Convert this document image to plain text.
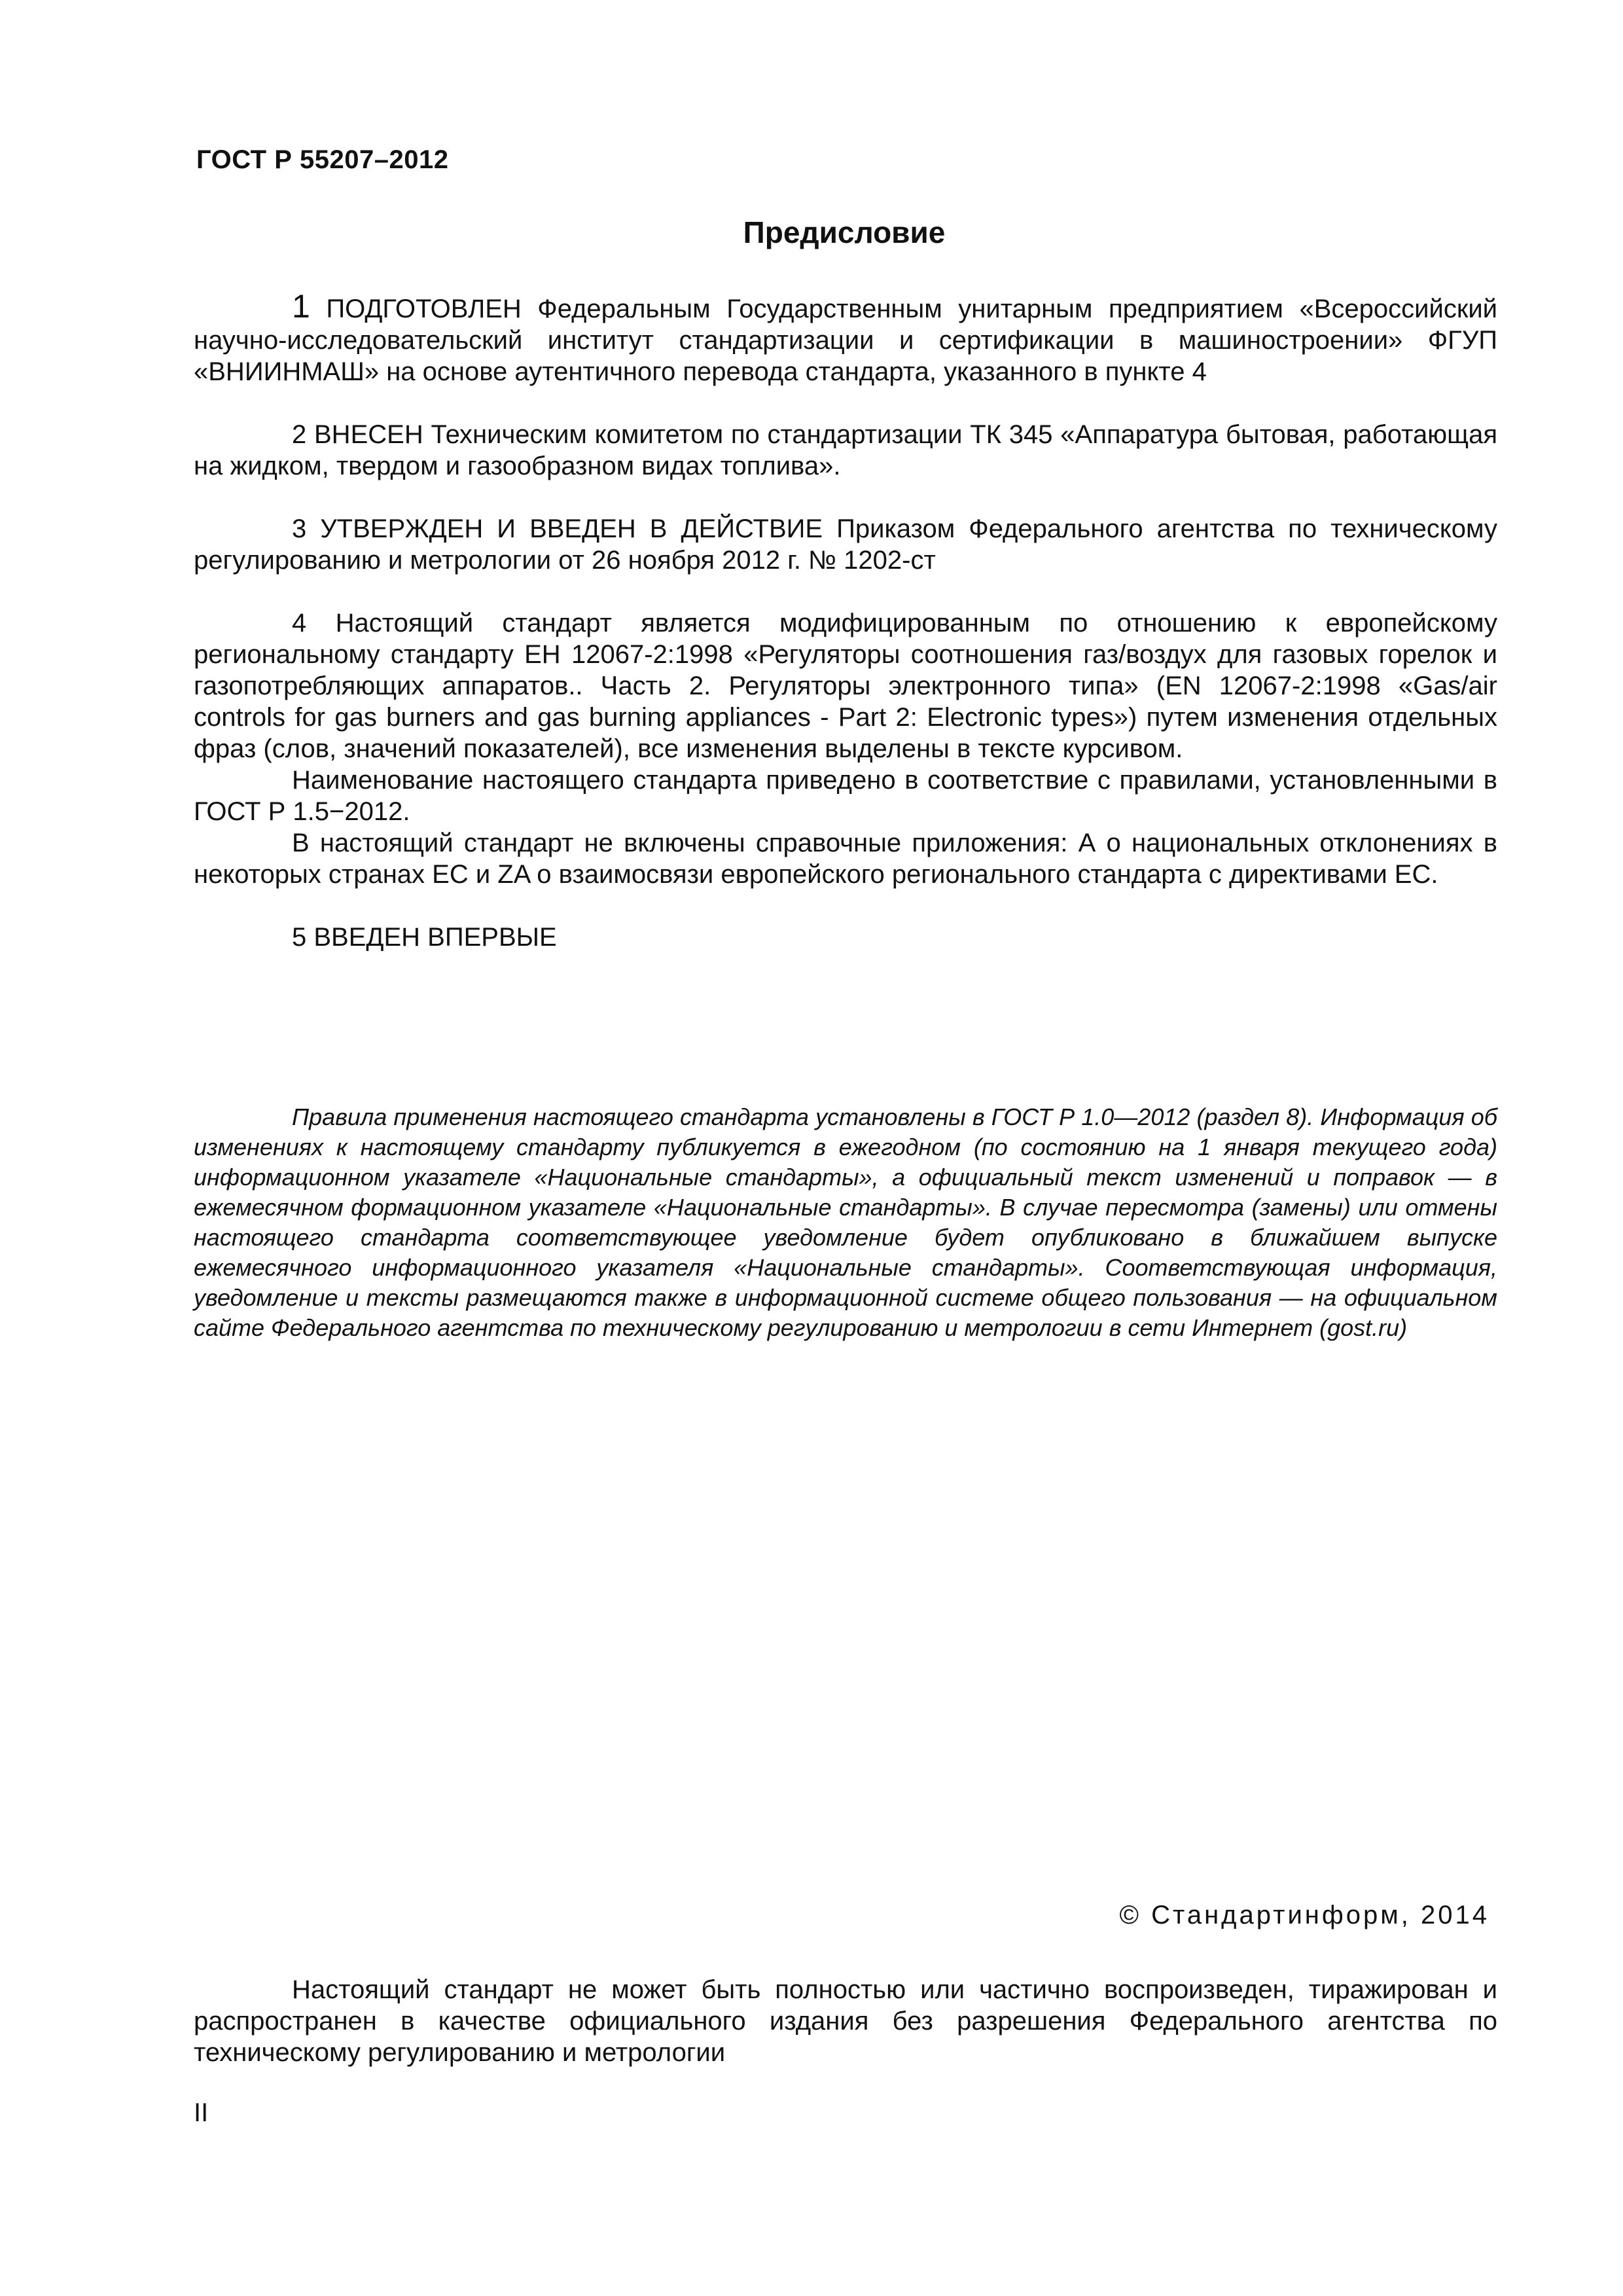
ГОСТ Р 55207–2012
Предисловие

1 ПОДГОТОВЛЕН Федеральным Государственным унитарным предприятием «Всероссийский научно-исследовательский институт стандартизации и сертификации в машиностроении» ФГУП «ВНИИНМАШ» на основе аутентичного перевода стандарта, указанного в пункте 4

2 ВНЕСЕН Техническим комитетом по стандартизации ТК 345 «Аппаратура бытовая, работающая на жидком, твердом и газообразном видах топлива».

3 УТВЕРЖДЕН И ВВЕДЕН В ДЕЙСТВИЕ Приказом Федерального агентства по техническому регулированию и метрологии от 26 ноября 2012 г. № 1202-ст

4 Настоящий стандарт является модифицированным по отношению к европейскому региональному стандарту ЕН 12067-2:1998 «Регуляторы соотношения газ/воздух для газовых горелок и газопотребляющих аппаратов.. Часть 2. Регуляторы электронного типа» (EN 12067-2:1998 «Gas/air controls for gas burners and gas burning appliances - Part 2: Electronic types») путем изменения отдельных фраз (слов, значений показателей), все изменения выделены в тексте курсивом.

Наименование настоящего стандарта приведено в соответствие с правилами, установленными в ГОСТ Р 1.5−2012.

В настоящий стандарт не включены справочные приложения: А о национальных отклонениях в некоторых странах ЕС и ZA о взаимосвязи европейского регионального стандарта с директивами ЕС.

5 ВВЕДЕН ВПЕРВЫЕ

Правила применения настоящего стандарта установлены в ГОСТ Р 1.0—2012 (раздел 8). Информация об изменениях к настоящему стандарту публикуется в ежегодном (по состоянию на 1 января текущего года) информационном указателе «Национальные стандарты», а официальный текст изменений и поправок — в ежемесячном формационном указателе «Национальные стандарты». В случае пересмотра (замены) или отмены настоящего стандарта соответствующее уведомление будет опубликовано в ближайшем выпуске ежемесячного информационного указателя «Национальные стандарты». Соответствующая информация, уведомление и тексты размещаются также в информационной системе общего пользования — на официальном сайте Федерального агентства по техническому регулированию и метрологии в сети Интернет (gost.ru)

© Стандартинформ, 2014

Настоящий стандарт не может быть полностью или частично воспроизведен, тиражирован и распространен в качестве официального издания без разрешения Федерального агентства по техническому регулированию и метрологии

II
